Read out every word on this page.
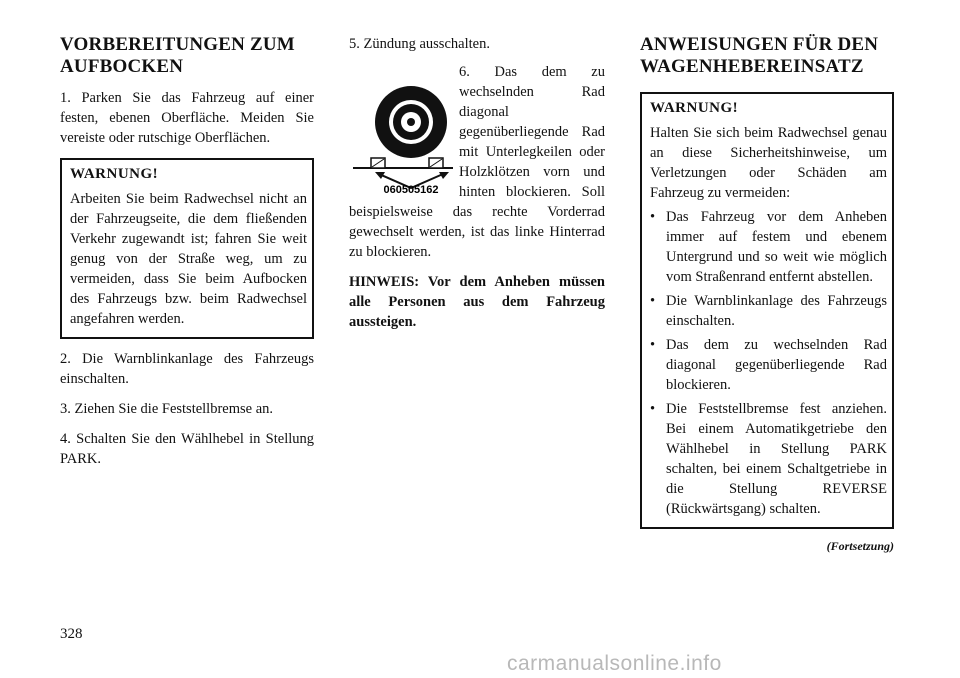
VORBEREITUNGEN ZUM AUFBOCKEN

1. Parken Sie das Fahrzeug auf einer festen, ebenen Oberfläche. Meiden Sie vereiste oder rutschige Oberflächen.

WARNUNG!
Arbeiten Sie beim Radwechsel nicht an der Fahrzeugseite, die dem fließenden Verkehr zugewandt ist; fahren Sie weit genug von der Straße weg, um zu vermeiden, dass Sie beim Aufbocken des Fahrzeugs bzw. beim Radwechsel angefahren werden.

2. Die Warnblinkanlage des Fahrzeugs einschalten.

3. Ziehen Sie die Feststellbremse an.

4. Schalten Sie den Wählhebel in Stellung PARK.

5. Zündung ausschalten.

060505162

6. Das dem zu wechselnden Rad diagonal gegenüberliegende Rad mit Unterlegkeilen oder Holzklötzen vorn und hinten blockieren. Soll beispielsweise das rechte Vorderrad gewechselt werden, ist das linke Hinterrad zu blockieren.

HINWEIS: Vor dem Anheben müssen alle Personen aus dem Fahrzeug aussteigen.

ANWEISUNGEN FÜR DEN WAGENHEBEREINSATZ
WARNUNG!
Halten Sie sich beim Radwechsel genau an diese Sicherheitshinweise, um Verletzungen oder Schäden am Fahrzeug zu vermeiden:
• Das Fahrzeug vor dem Anheben immer auf festem und ebenem Untergrund und so weit wie möglich vom Straßenrand entfernt abstellen.
• Die Warnblinkanlage des Fahrzeugs einschalten.
• Das dem zu wechselnden Rad diagonal gegenüberliegende Rad blockieren.
• Die Feststellbremse fest anziehen. Bei einem Automatikgetriebe den Wählhebel in Stellung PARK schalten, bei einem Schaltgetriebe in die Stellung REVERSE (Rückwärtsgang) schalten.
(Fortsetzung)
328
carmanualsonline.info
